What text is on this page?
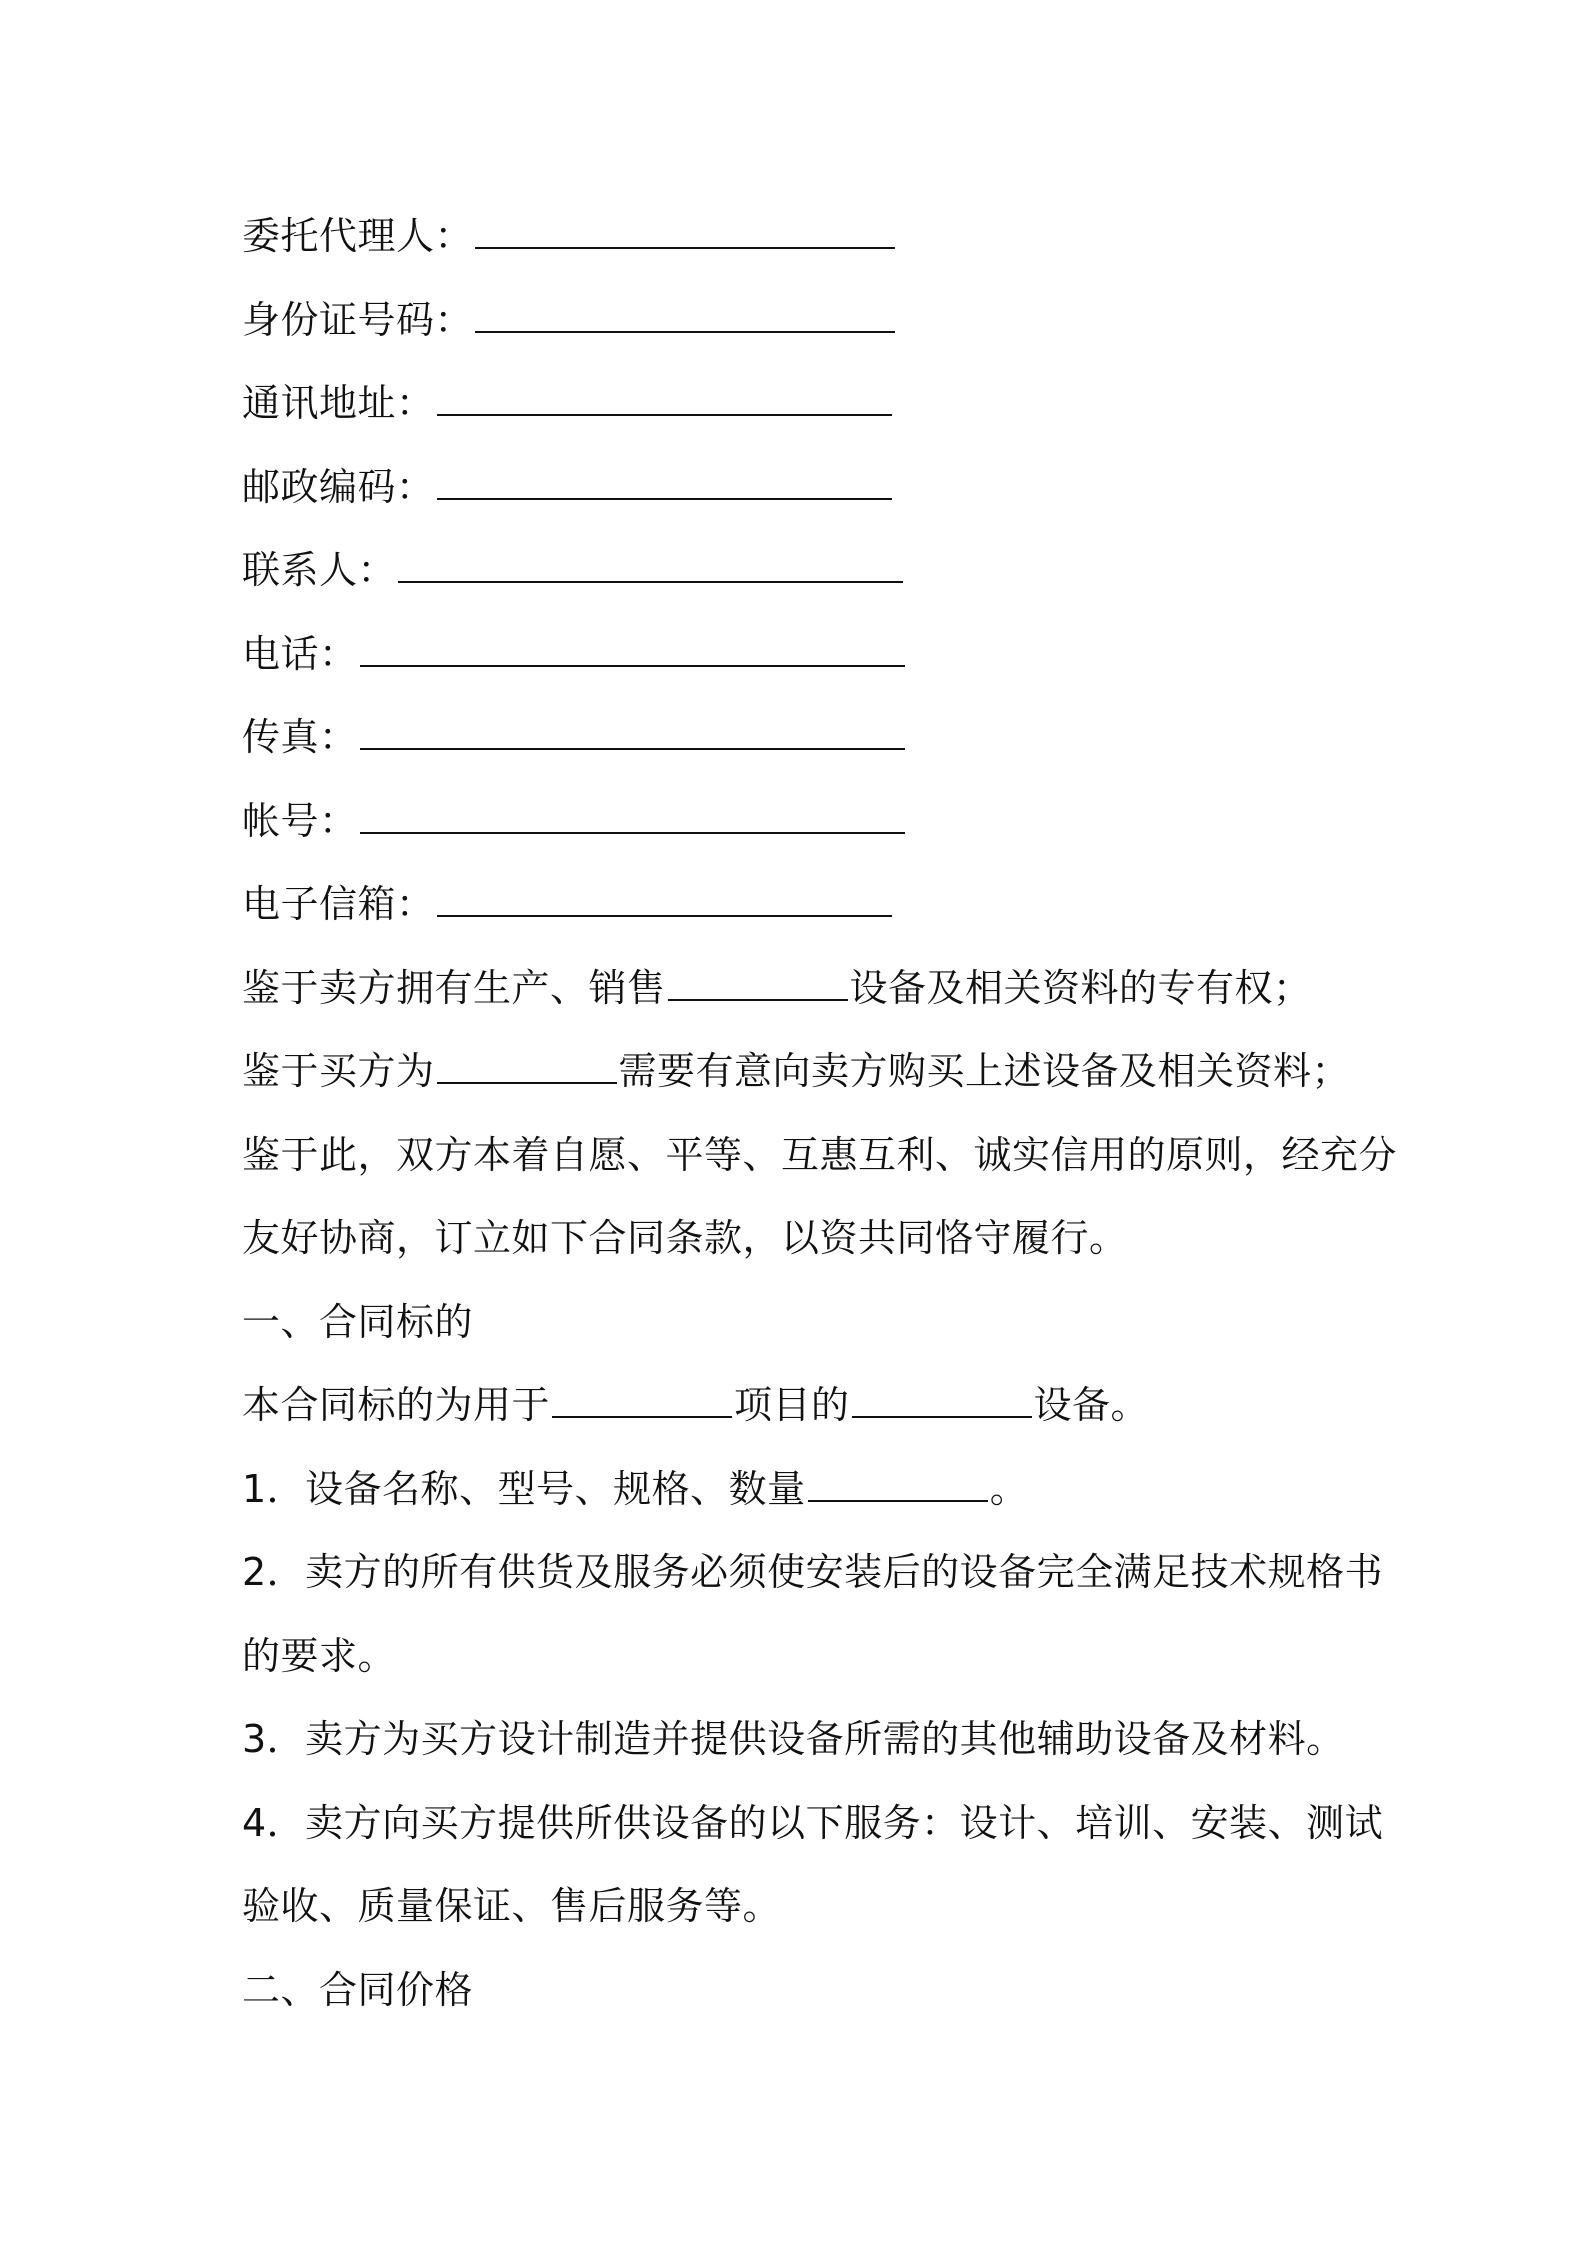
委托代理人：
身份证号码：
通讯地址：
邮政编码：
联系人：
电话：
传真：
帐号：
电子信箱：
鉴于卖方拥有生产、销售	设备及相关资料的专有权；
鉴于买方为	需要有意向卖方购买上述设备及相关资料；
鉴于此，双方本着自愿、平等、互惠互利、诚实信用的原则，经充分
友好协商，订立如下合同条款，以资共同恪守履行。
一、合同标的
本合同标的为用于	项目的	设备。
1．设备名称、型号、规格、数量	。
2．卖方的所有供货及服务必须使安装后的设备完全满足技术规格书
的要求。
3．卖方为买方设计制造并提供设备所需的其他辅助设备及材料。
4．卖方向买方提供所供设备的以下服务：设计、培训、安装、测试
验收、质量保证、售后服务等。
二、合同价格
